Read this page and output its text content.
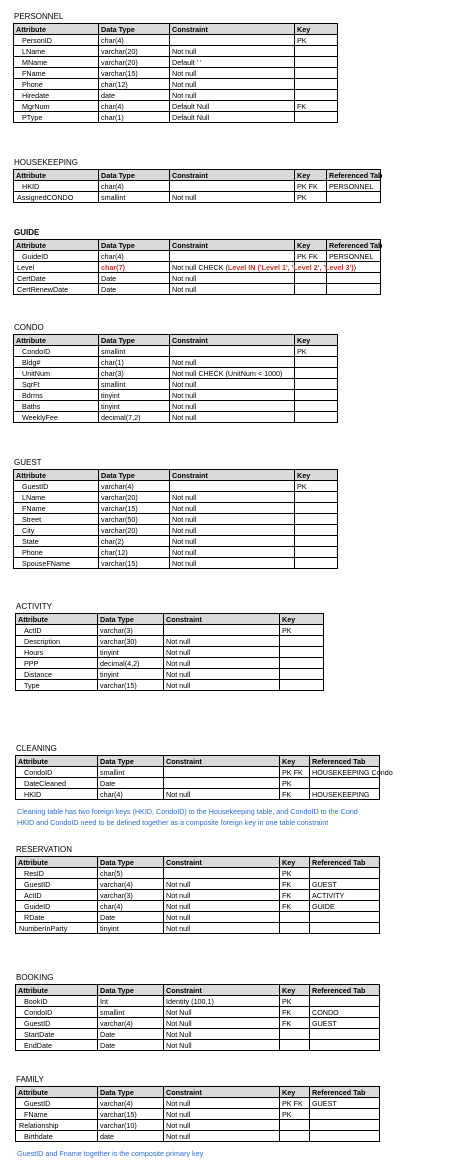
PERSONNEL
Attribute	Data Type	Constraint	Key
PersonID	char(4)		PK
LName	varchar(20)	Not null	
MName	varchar(20)	Default ' '	
FName	varchar(15)	Not null	
Phone	char(12)	Not null	
Hiredate	date	Not null	
MgrNum	char(4)	Default Null	FK
PType	char(1)	Default Null	
HOUSEKEEPING
Attribute	Data Type	Constraint	Key	Referenced Tab
HKID	char(4)		PK FK	PERSONNEL
AssignedCONDO	smallint	Not null	PK	
GUIDE
Attribute	Data Type	Constraint	Key	Referenced Tab
GuideID	char(4)		PK FK	PERSONNEL
Level	char(7)	Not null CHECK (Level IN ('Level 1', 'Level 2', 'Level 3'))		
CertDate	Date	Not null		
CertRenewDate	Date	Not null		
CONDO
Attribute	Data Type	Constraint	Key
CondoID	smallint		PK
Bldg#	char(1)	Not null	
UnitNum	char(3)	Not null CHECK (UnitNum < 1000)	
SqrFt	smallint	Not null	
Bdrms	tinyint	Not null	
Baths	tinyint	Not null	
WeeklyFee	decimal(7,2)	Not null	
GUEST
Attribute	Data Type	Constraint	Key
GuestID	varchar(4)		PK
LName	varchar(20)	Not null	
FName	varchar(15)	Not null	
Street	varchar(50)	Not null	
City	varchar(20)	Not null	
State	char(2)	Not null	
Phone	char(12)	Not null	
SpouseFName	varchar(15)	Not null	
ACTIVITY
Attribute	Data Type	Constraint	Key
ActID	varchar(3)		PK
Description	varchar(30)	Not null	
Hours	tinyint	Not null	
PPP	decimal(4,2)	Not null	
Distance	tinyint	Not null	
Type	varchar(15)	Not null	
CLEANING
Attribute	Data Type	Constraint	Key	Referenced Tab
CondoID	smallint		PK FK	HOUSEKEEPING Condo
DateCleaned	Date		PK	
HKID	char(4)	Not null	FK	HOUSEKEEPING
RESERVATION
Attribute	Data Type	Constraint	Key	Referenced Tab
ResID	char(5)		PK	
GuestID	varchar(4)	Not null	FK	GUEST
ActID	varchar(3)	Not null	FK	ACTIVITY
GuideID	char(4)	Not null	FK	GUIDE
RDate	Date	Not null		
NumberInParty	tinyint	Not null		
BOOKING
Attribute	Data Type	Constraint	Key	Referenced Tab
BookID	Int	Identity (100,1)	PK	
CondoID	smallint	Not Null	FK	CONDO
GuestID	varchar(4)	Not Null	FK	GUEST
StartDate	Date	Not Null		
EndDate	Date	Not Null		
FAMILY
Attribute	Data Type	Constraint	Key	Referenced Tab
GuestID	varchar(4)	Not null	PK FK	GUEST
FName	varchar(15)	Not null	PK	
Relationship	varchar(10)	Not null		
Birthdate	date	Not null		
Cleaning table has two foreign keys (HKID, CondoID) to the Housekeeping table, and CondoID to the Cond
HKID and CondoID need to be defined together as a composite foreign key in one table constraint
GuestID and Fname together is the composite primary key
